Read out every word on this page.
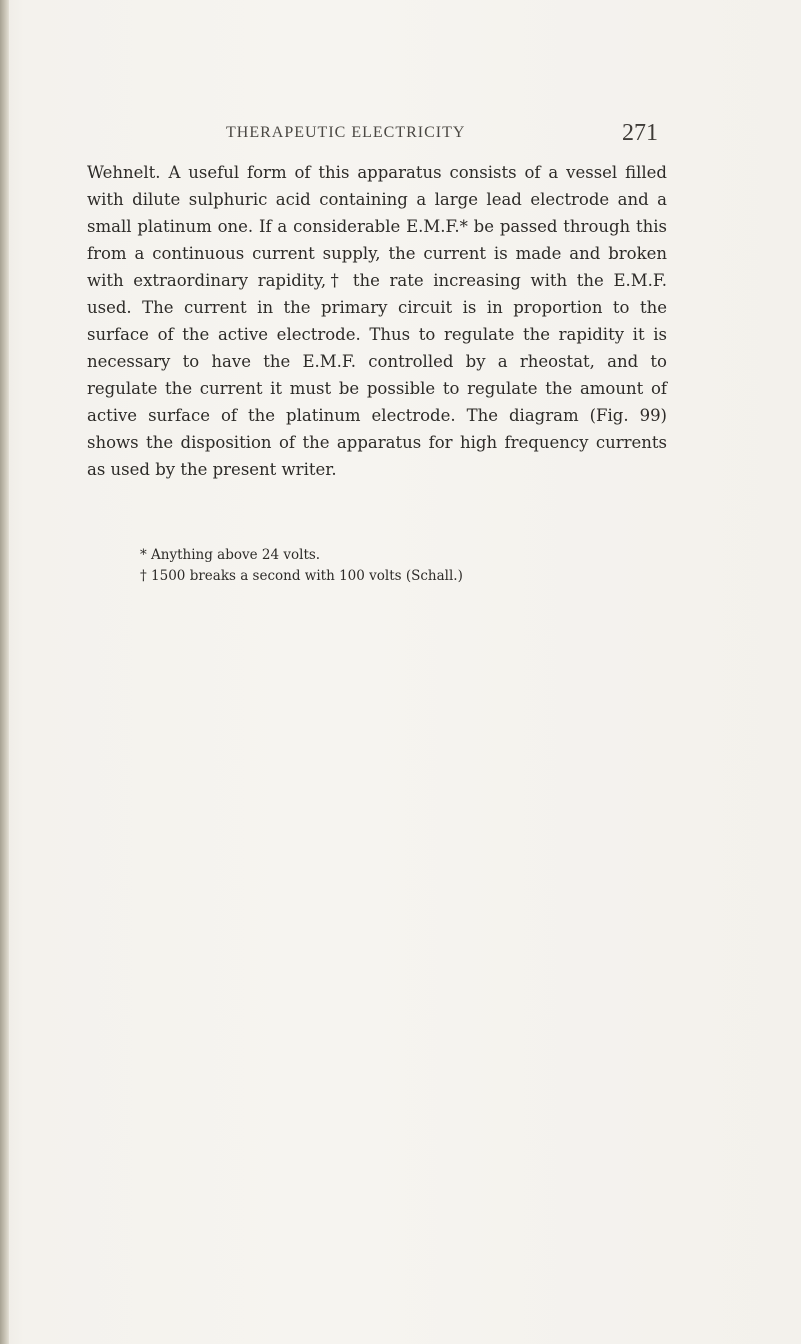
THERAPEUTIC ELECTRICITY	271

Wehnelt. A useful form of this apparatus consists of a vessel filled with dilute sulphuric acid containing a large lead electrode and a small platinum one. If a considerable E.M.F.* be passed through this from a continuous current supply, the current is made and broken with extraordinary rapidity,† the rate increasing with the E.M.F. used. The current in the primary circuit is in proportion to the surface of the active electrode. Thus to regulate the rapidity it is necessary to have the E.M.F. controlled by a rheostat, and to regulate the current it must be possible to regulate the amount of active surface of the platinum electrode. The diagram (Fig. 99) shows the disposition of the apparatus for high frequency currents as used by the present writer.

* Anything above 24 volts.
† 1500 breaks a second with 100 volts (Schall.)
